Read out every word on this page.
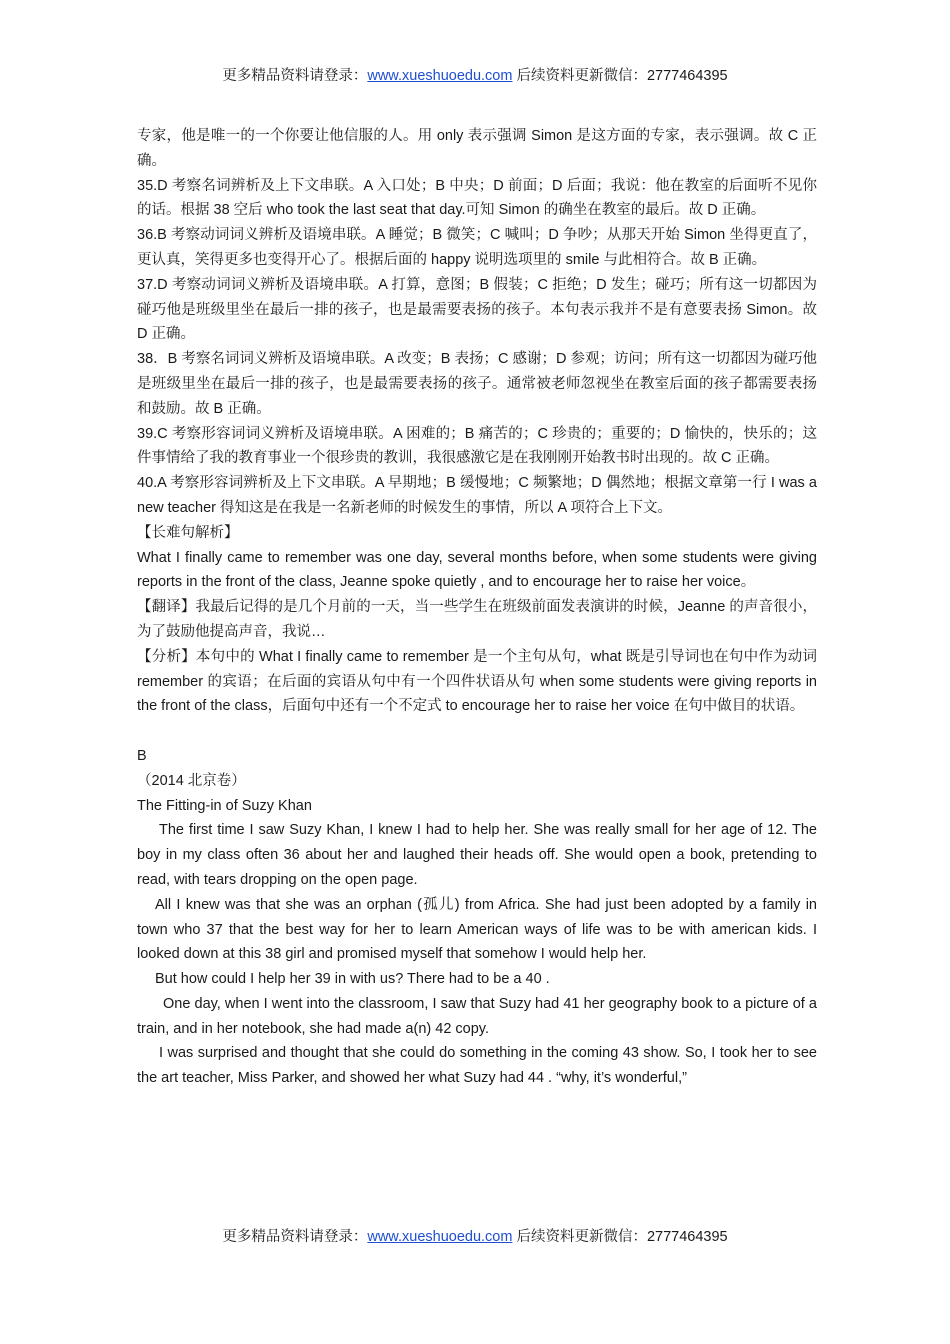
更多精品资料请登录：www.xueshuoedu.com 后续资料更新微信：2777464395

专家，他是唯一的一个你要让他信服的人。用 only 表示强调 Simon 是这方面的专家，表示强调。故 C 正确。

35.D 考察名词辨析及上下文串联。A 入口处；B 中央；D 前面；D 后面；我说：他在教室的后面听不见你的话。根据 38 空后 who took the last seat that day.可知 Simon 的确坐在教室的最后。故 D 正确。

36.B 考察动词词义辨析及语境串联。A 睡觉；B 微笑；C 喊叫；D 争吵；从那天开始 Simon 坐得更直了，更认真，笑得更多也变得开心了。根据后面的 happy 说明选项里的 smile 与此相符合。故 B 正确。

37.D 考察动词词义辨析及语境串联。A 打算，意图；B 假装；C 拒绝；D 发生；碰巧；所有这一切都因为碰巧他是班级里坐在最后一排的孩子，也是最需要表扬的孩子。本句表示我并不是有意要表扬 Simon。故 D 正确。

38．B 考察名词词义辨析及语境串联。A 改变；B 表扬；C 感谢；D 参观；访问；所有这一切都因为碰巧他是班级里坐在最后一排的孩子，也是最需要表扬的孩子。通常被老师忽视坐在教室后面的孩子都需要表扬和鼓励。故 B 正确。

39.C 考察形容词词义辨析及语境串联。A 困难的；B 痛苦的；C 珍贵的；重要的；D 愉快的，快乐的；这件事情给了我的教育事业一个很珍贵的教训，我很感激它是在我刚刚开始教书时出现的。故 C 正确。

40.A 考察形容词辨析及上下文串联。A 早期地；B 缓慢地；C 频繁地；D 偶然地；根据文章第一行 I was a new teacher 得知这是在我是一名新老师的时候发生的事情，所以 A 项符合上下文。

【长难句解析】

What I finally came to remember was one day, several months before, when some students were giving reports in the front of the class, Jeanne spoke quietly , and to encourage her to raise her voice。

【翻译】我最后记得的是几个月前的一天，当一些学生在班级前面发表演讲的时候，Jeanne 的声音很小，为了鼓励他提高声音，我说…

【分析】本句中的 What I finally came to remember 是一个主句从句，what 既是引导词也在句中作为动词 remember 的宾语；在后面的宾语从句中有一个四件状语从句 when some students were giving reports in the front of the class，后面句中还有一个不定式 to encourage her to raise her voice 在句中做目的状语。

B

（2014 北京卷）

The Fitting-in of Suzy Khan

The first time I saw Suzy Khan, I knew I had to help her. She was really small for her age of 12. The boy in my class often 36 about her and laughed their heads off. She would open a book, pretending to read, with tears dropping on the open page.

All I knew was that she was an orphan (孤儿) from Africa. She had just been adopted by a family in town who 37 that the best way for her to learn American ways of life was to be with american kids. I looked down at this 38 girl and promised myself that somehow I would help her.

But how could I help her 39 in with us? There had to be a 40 .

One day, when I went into the classroom, I saw that Suzy had 41 her geography book to a picture of a train, and in her notebook, she had made a(n) 42 copy.

I was surprised and thought that she could do something in the coming 43 show. So, I took her to see the art teacher, Miss Parker, and showed her what Suzy had 44 . “why, it’s wonderful,”

更多精品资料请登录：www.xueshuoedu.com 后续资料更新微信：2777464395
